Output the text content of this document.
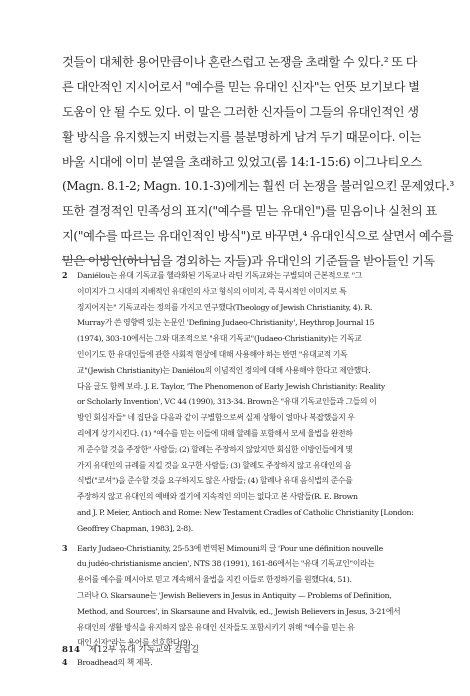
것들이 대체한 용어만큼이나 혼란스럽고 논쟁을 초래할 수 있다.² 또 다
른 대안적인 지시어로서 "예수를 믿는 유대인 신자"는 언뜻 보기보다 별
도움이 안 될 수도 있다. 이 말은 그러한 신자들이 그들의 유대인적인 생
활 방식을 유지했는지 버렸는지를 불분명하게 남겨 두기 때문이다. 이는
바울 시대에 이미 분열을 초래하고 있었고(롬 14:1-15:6) 이그나티오스
(Magn. 8.1-2; Magn. 10.1-3)에게는 훨씬 더 논쟁을 불러일으킨 문제였다.³
또한 결정적인 민족성의 표지("예수를 믿는 유대인")를 믿음이나 실천의 표
지("예수를 따르는 유대인적인 방식")로 바꾸면,⁴ 유대인식으로 살면서 예수를
믿은 이방인(하나님을 경외하는 자들)과 유대인의 기준들을 받아들인 기독
2 Daniélou는 유대 기독교를 헬라화된 기독교나 라틴 기독교와는 구별되며 근본적으로 "그
이미지가 그 시대의 지배적인 유대인의 사고 형식의 이미지, 즉 묵시적인 이미지로 특
징지어지는" 기독교라는 정의를 가지고 연구했다(Theology of Jewish Christianity, 4). R.
Murray가 쓴 영향력 있는 논문인 'Defining Judaeo-Christianity', Heythrop Journal 15
(1974), 303-10에서는 그와 대조적으로 "유대 기독교"(Judaeo-Christianity)는 기독교
인이기도 한 유대인들에 관한 사회적 현상에 대해 사용해야 하는 반면 "유대교적 기독
교"(Jewish Christianity)는 Daniélou의 이념적인 정의에 대해 사용해야 한다고 제안했다.
다음 글도 함께 보라. J. E. Taylor, 'The Phenomenon of Early Jewish Christianity: Reality
or Scholarly Invention', VC 44 (1990), 313-34. Brown은 "유대 기독교인들과 그들의 이
방인 회심자들" 네 집단을 다음과 같이 구별함으로써 실제 상황이 얼마나 복잡했을지 우
리에게 상기시킨다. (1) "예수를 믿는 이들에 대해 할례를 포함해서 모세 율법을 완전하
게 준수할 것을 주장한" 사람들; (2) 할례는 주장하지 않았지만 회심한 이방인들에게 몇
가지 유대인의 규례를 지킬 것을 요구한 사람들; (3) 할례도 주장하지 않고 유대인의 음
식법("코셔")을 준수할 것을 요구하지도 않은 사람들; (4) 할례나 유대 음식법의 준수를
주장하지 않고 유대인의 예배와 절기에 지속적인 의미는 없다고 본 사람들(R. E. Brown
and J. P. Meier, Antioch and Rome: New Testament Cradles of Catholic Christianity [London:
Geoffrey Chapman, 1983], 2-8).
3 Early Judaeo-Christianity, 25-53에 번역된 Mimouni의 글 'Pour une définition nouvelle
du judéo-christianisme ancien', NTS 38 (1991), 161-86에서는 "유대 기독교인"이라는
용어를 예수를 메시아로 믿고 계속해서 율법을 지킨 이들로 한정하기를 원했다(4, 51).
그러나 O. Skarsaune는 'Jewish Believers in Jesus in Antiquity — Problems of Definition,
Method, and Sources', in Skarsaune and Hvalvik, ed., Jewish Believers in Jesus, 3-21에서
유대인의 생활 방식을 유지하지 않은 유대인 신자들도 포함시키기 위해 "예수를 믿는 유
대인 신자"라는 용어를 선호한다(9).
4 Broadhead의 책 제목.
814 제12부 유대 기독교와 갈림길
